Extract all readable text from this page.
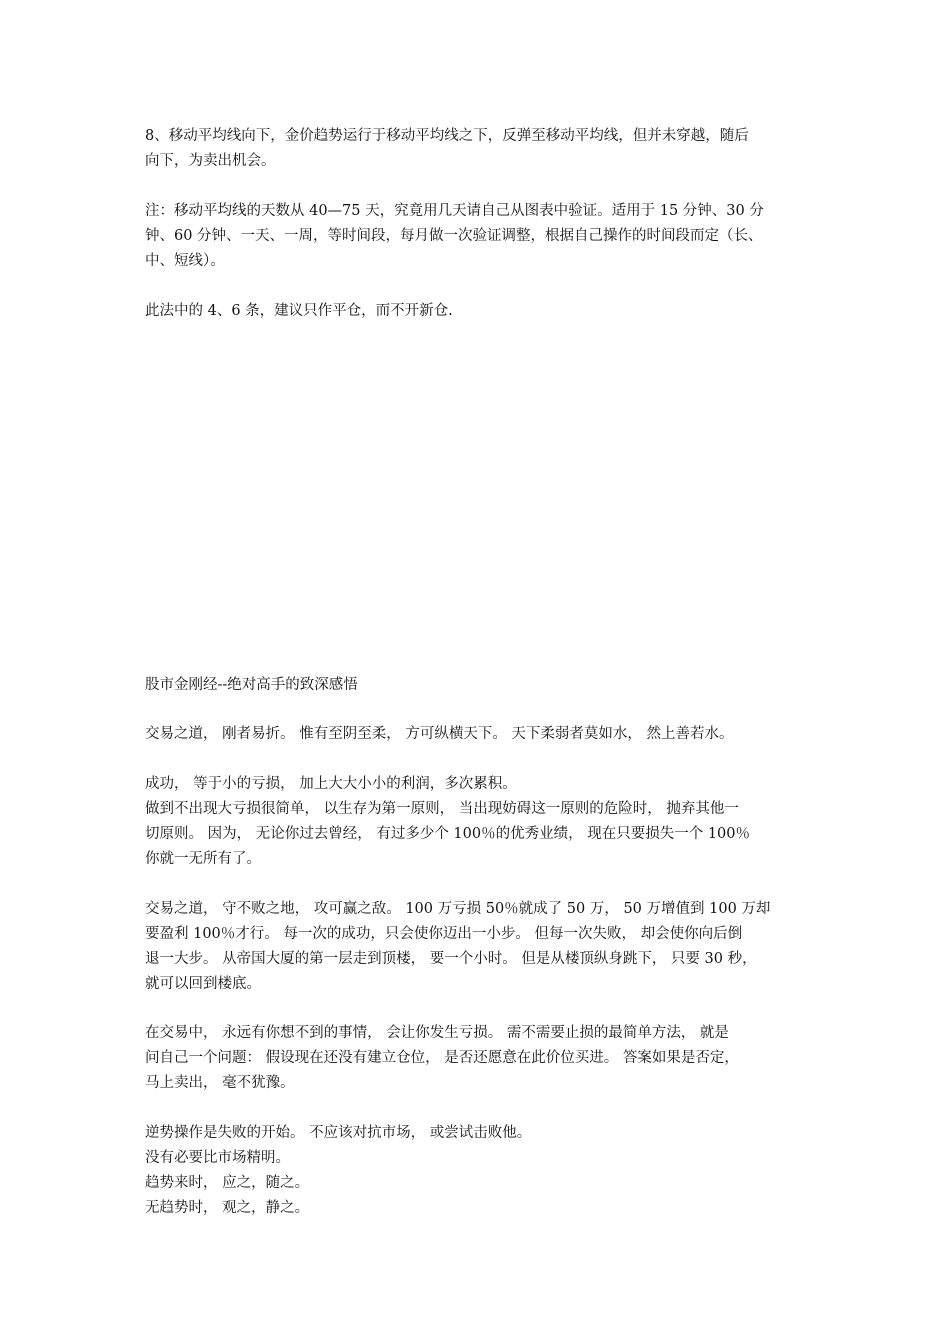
8、移动平均线向下，金价趋势运行于移动平均线之下，反弹至移动平均线，但并未穿越，随后
向下，为卖出机会。
注：移动平均线的天数从 40—75 天，究竟用几天请自己从图表中验证。适用于 15 分钟、30 分
钟、60 分钟、一天、一周，等时间段，每月做一次验证调整，根据自己操作的时间段而定（长、
中、短线）。
此法中的 4、6 条，建议只作平仓，而不开新仓.
股市金刚经--绝对高手的致深感悟
交易之道， 刚者易折。 惟有至阴至柔， 方可纵横天下。 天下柔弱者莫如水， 然上善若水。
成功， 等于小的亏损， 加上大大小小的利润，多次累积。
做到不出现大亏损很简单， 以生存为第一原则， 当出现妨碍这一原则的危险时， 抛弃其他一
切原则。 因为， 无论你过去曾经， 有过多少个 100％的优秀业绩， 现在只要损失一个 100％
你就一无所有了。
交易之道， 守不败之地， 攻可赢之敌。 100 万亏损 50％就成了 50 万， 50 万增值到 100 万却
要盈利 100％才行。 每一次的成功，只会使你迈出一小步。 但每一次失败， 却会使你向后倒
退一大步。 从帝国大厦的第一层走到顶楼， 要一个小时。 但是从楼顶纵身跳下， 只要 30 秒，
就可以回到楼底。
在交易中， 永远有你想不到的事情， 会让你发生亏损。 需不需要止损的最简单方法， 就是
问自己一个问题： 假设现在还没有建立仓位， 是否还愿意在此价位买进。 答案如果是否定，
马上卖出， 毫不犹豫。
逆势操作是失败的开始。 不应该对抗市场， 或尝试击败他。
没有必要比市场精明。
趋势来时， 应之，随之。
无趋势时， 观之，静之。
